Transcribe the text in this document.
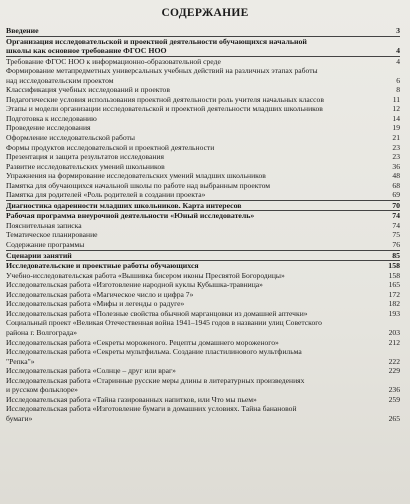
СОДЕРЖАНИЕ
Введение	3
Организация исследовательской и проектной деятельности обучающихся начальной
школы как основное требование ФГОС НОО	4
Требование ФГОС НОО к информационно-образовательной среде	4
Формирование метапредметных универсальных учебных действий на различных этапах работы
над исследовательским проектом	6
Классификация учебных исследований и проектов	8
Педагогические условия использования проектной деятельности роль учителя начальных классов	11
Этапы и модели организации исследовательской и проектной деятельности младших школьников	12
Подготовка к исследованию	14
Проведение исследования	19
Оформление исследовательской работы	21
Формы продуктов исследовательской и проектной деятельности	23
Презентация и защита результатов исследования	23
Развитие исследовательских умений школьников	36
Упражнения на формирование исследовательских умений младших школьников	48
Памятка для обучающихся начальной школы по работе над выбранным проектом	68
Памятка для родителей «Роль родителей в создании проекта»	69
Диагностика одаренности младших школьников. Карта интересов	70
Рабочая программа внеурочной деятельности «Юный исследователь»	74
Пояснительная записка	74
Тематическое планирование	75
Содержание программы	76
Сценарии занятий	85
Исследовательские и проектные работы обучающихся	158
Учебно-исследовательская работа «Вышивка бисером иконы Пресвятой Богородицы»	158
Исследовательская работа «Изготовление народной куклы Кубышка-травница»	165
Исследовательская работа «Магическое число и цифра 7»	172
Исследовательская работа «Мифы и легенды о радуге»	182
Исследовательская работа «Полезные свойства обычной марганцовки из домашней аптечки»	193
Социальный проект «Великая Отечественная война 1941–1945 годов в названии улиц Советского
района г. Волгограда»	203
Исследовательская работа «Секреты мороженого. Рецепты домашнего мороженого»	212
Исследовательская работа «Секреты мультфильма. Создание пластилинового мультфильма
"Репка"»	222
Исследовательская работа «Солнце – друг или враг»	229
Исследовательская работа «Старинные русские меры длины в литературных произведениях
и русском фольклоре»	236
Исследовательская работа «Тайна газированных напитков, или Что мы пьем»	259
Исследовательская работа «Изготовление бумаги в домашних условиях. Тайна банановой
бумаги»	265
